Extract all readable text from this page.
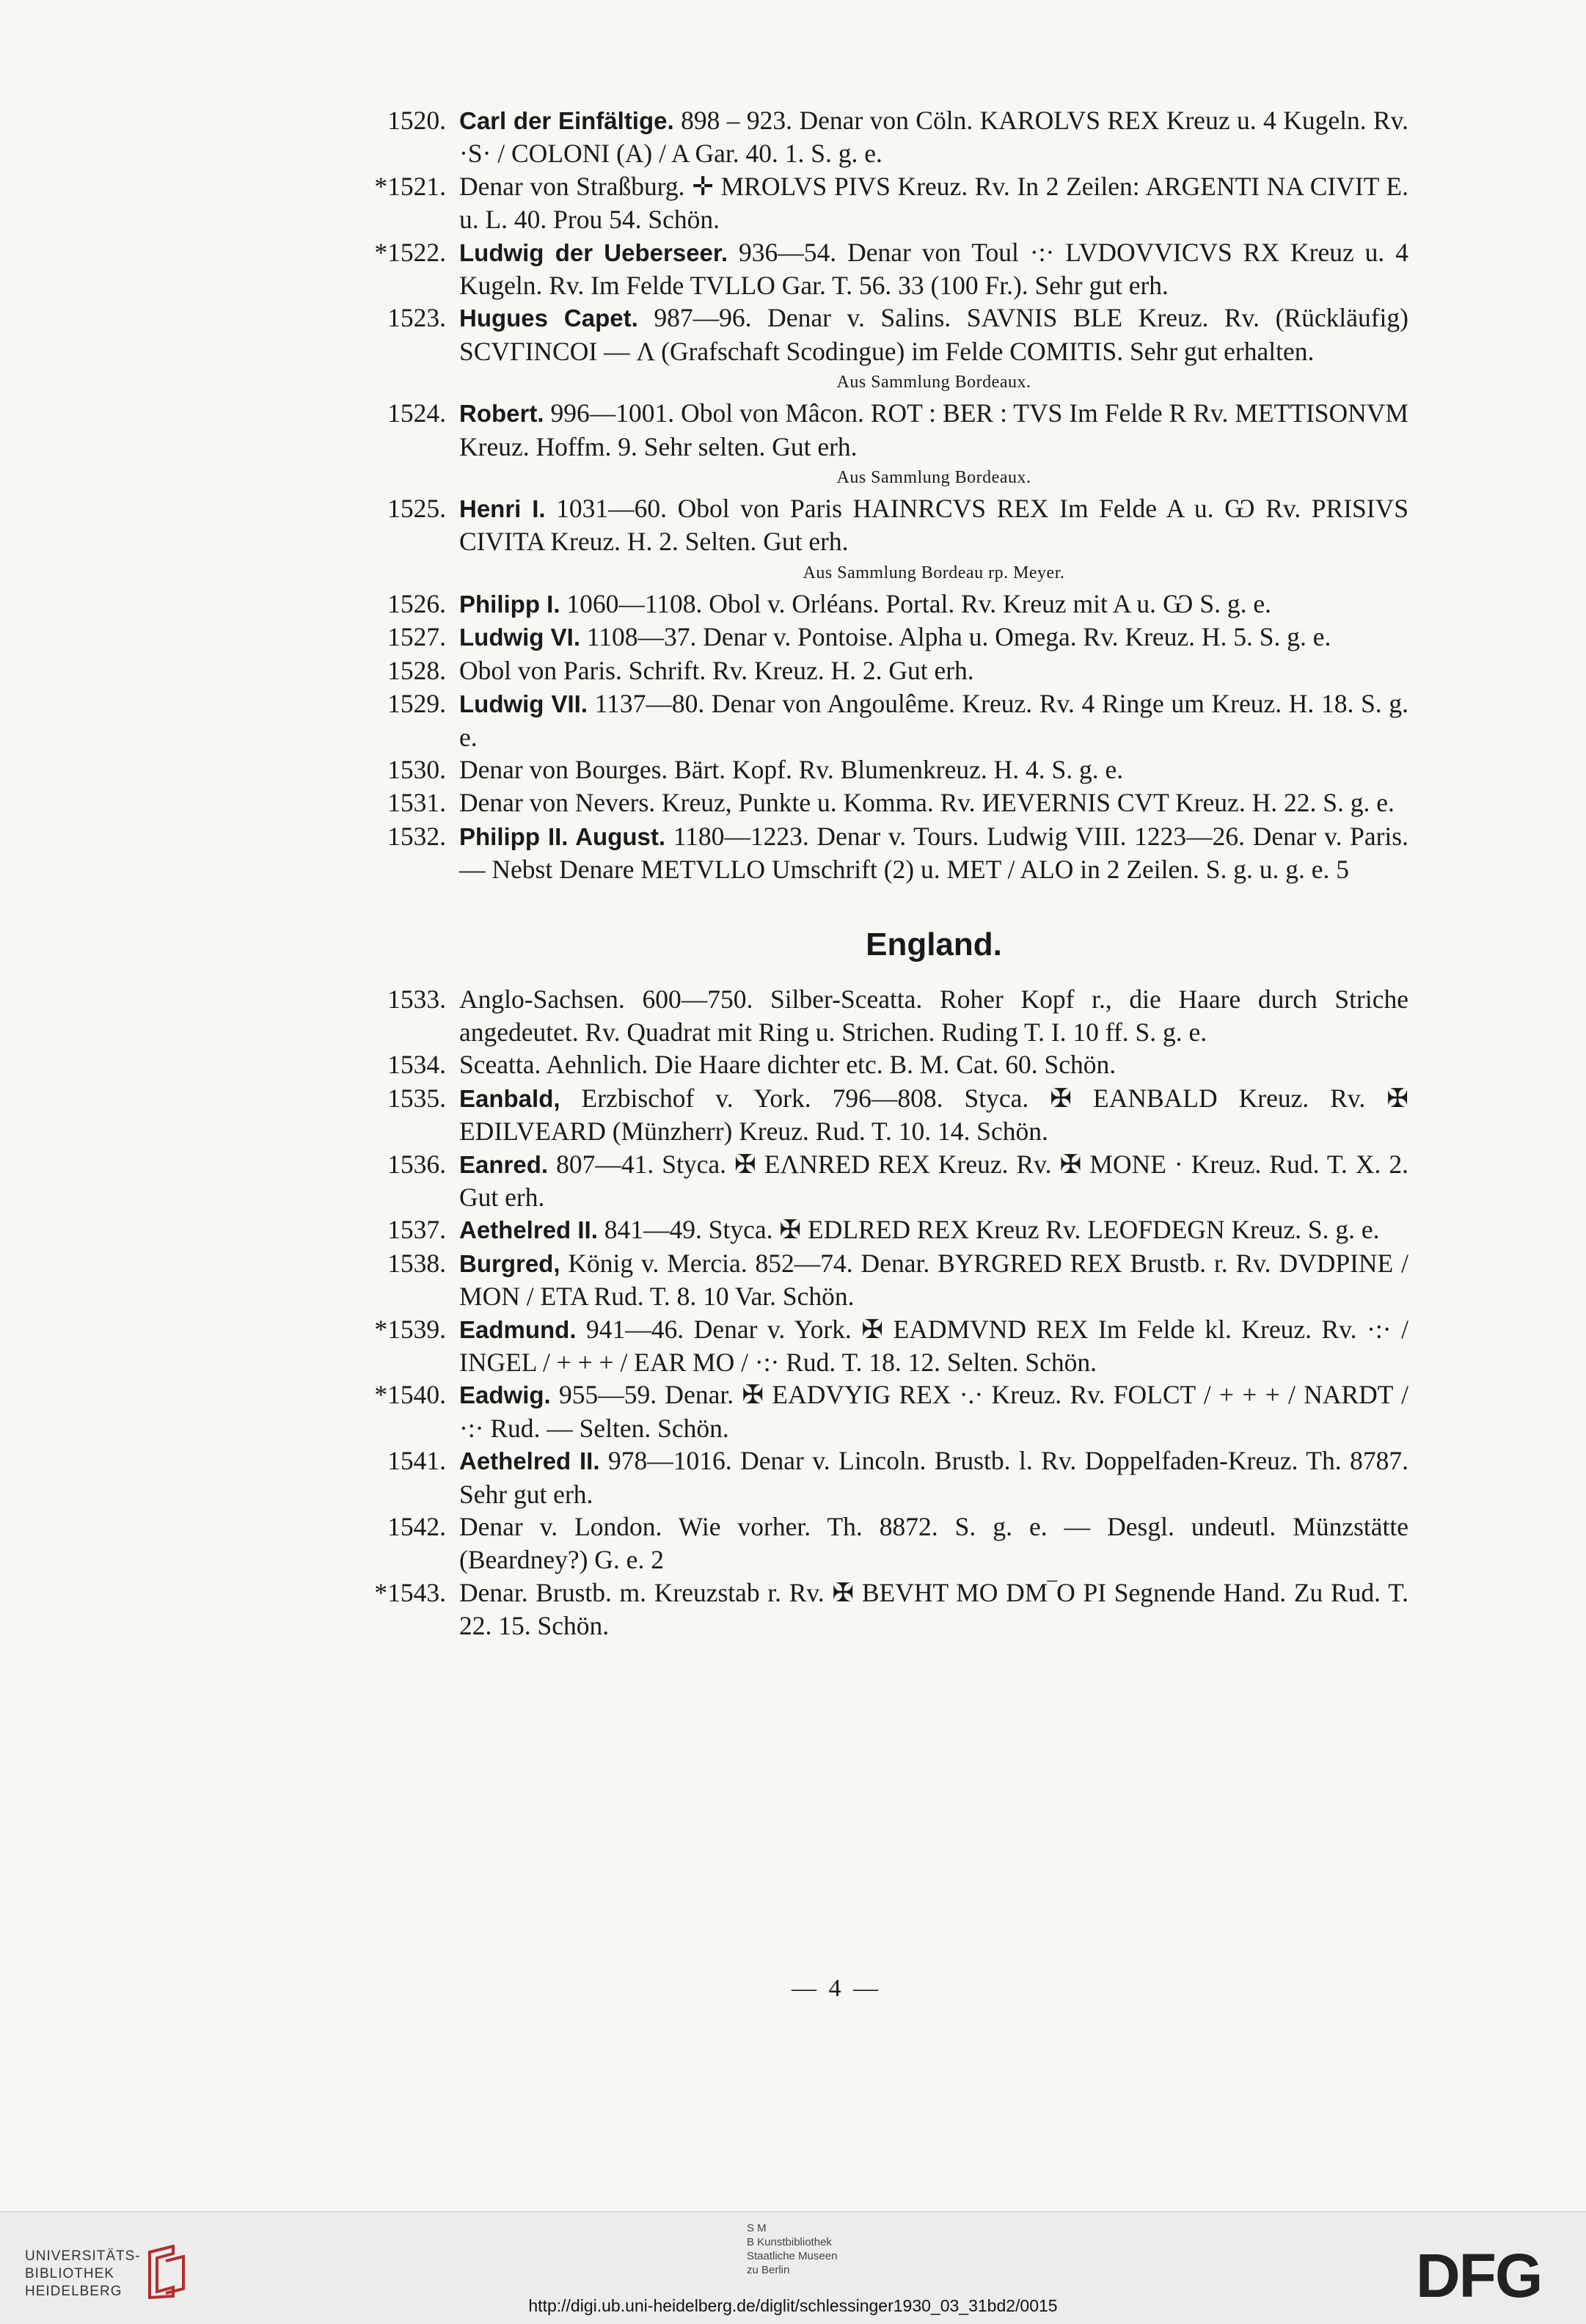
1520. Carl der Einfältige. 898 – 923. Denar von Cöln. KAROLVS REX Kreuz u. 4 Kugeln. Rv. ·S· / COLONI (A) / A Gar. 40. 1. S. g. e.
*1521. Denar von Straßburg. ✛ MROLVS PIVS Kreuz. Rv. In 2 Zeilen: ARGENTI NA CIVIT E. u. L. 40. Prou 54. Schön.
*1522. Ludwig der Ueberseer. 936—54. Denar von Toul ·:· LVDOVVICVS RX Kreuz u. 4 Kugeln. Rv. Im Felde TVLLO Gar. T. 56. 33 (100 Fr.). Sehr gut erh.
1523. Hugues Capet. 987—96. Denar v. Salins. SAVNIS BLE Kreuz. Rv. (Rückläufig) SCVΓINCOI — Λ (Grafschaft Scodingue) im Felde COMITIS. Sehr gut erhalten.
Aus Sammlung Bordeaux.
1524. Robert. 996—1001. Obol von Mâcon. ROT : BER : TVS Im Felde R Rv. METTISONVM Kreuz. Hoffm. 9. Sehr selten. Gut erh.
Aus Sammlung Bordeaux.
1525. Henri I. 1031—60. Obol von Paris HAINRCVS REX Im Felde A u. Ѡ Rv. PRISIVS CIVITA Kreuz. H. 2. Selten. Gut erh.
Aus Sammlung Bordeau rp. Meyer.
1526. Philipp I. 1060—1108. Obol v. Orléans. Portal. Rv. Kreuz mit A u. Ѡ S. g. e.
1527. Ludwig VI. 1108—37. Denar v. Pontoise. Alpha u. Omega. Rv. Kreuz. H. 5. S. g. e.
1528. Obol von Paris. Schrift. Rv. Kreuz. H. 2. Gut erh.
1529. Ludwig VII. 1137—80. Denar von Angoulême. Kreuz. Rv. 4 Ringe um Kreuz. H. 18. S. g. e.
1530. Denar von Bourges. Bärt. Kopf. Rv. Blumenkreuz. H. 4. S. g. e.
1531. Denar von Nevers. Kreuz, Punkte u. Komma. Rv. ИEVERNIS CVT Kreuz. H. 22. S. g. e.
1532. Philipp II. August. 1180—1223. Denar v. Tours. Ludwig VIII. 1223—26. Denar v. Paris. — Nebst Denare METVLLO Umschrift (2) u. MET / ALO in 2 Zeilen. S. g. u. g. e. 5
England.
1533. Anglo-Sachsen. 600—750. Silber-Sceatta. Roher Kopf r., die Haare durch Striche angedeutet. Rv. Quadrat mit Ring u. Strichen. Ruding T. I. 10 ff. S. g. e.
1534. Sceatta. Aehnlich. Die Haare dichter etc. B. M. Cat. 60. Schön.
1535. Eanbald, Erzbischof v. York. 796—808. Styca. ✠ EANBALD Kreuz. Rv. ✠ EDILVEARD (Münzherr) Kreuz. Rud. T. 10. 14. Schön.
1536. Eanred. 807—41. Styca. ✠ EΛNRED REX Kreuz. Rv. ✠ MONE · Kreuz. Rud. T. X. 2. Gut erh.
1537. Aethelred II. 841—49. Styca. ✠ EDLRED REX Kreuz Rv. LEOFDEGN Kreuz. S. g. e.
1538. Burgred, König v. Mercia. 852—74. Denar. BYRGRED REX Brustb. r. Rv. DVDPINE / MON / ETA Rud. T. 8. 10 Var. Schön.
*1539. Eadmund. 941—46. Denar v. York. ✠ EADMVND REX Im Felde kl. Kreuz. Rv. ·:· / INGEL / + + + / EAR MO / ·:· Rud. T. 18. 12. Selten. Schön.
*1540. Eadwig. 955—59. Denar. ✠ EADVYIG REX ·.· Kreuz. Rv. FOLCT / + + + / NARDT / ·:· Rud. — Selten. Schön.
1541. Aethelred II. 978—1016. Denar v. Lincoln. Brustb. l. Rv. Doppelfaden-Kreuz. Th. 8787. Sehr gut erh.
1542. Denar v. London. Wie vorher. Th. 8872. S. g. e. — Desgl. undeutl. Münzstätte (Beardney?) G. e. 2
*1543. Denar. Brustb. m. Kreuzstab r. Rv. ✠ BEVHT MO DM‾O PI Segnende Hand. Zu Rud. T. 22. 15. Schön.
— 4 —
UNIVERSITÄTS-
BIBLIOTHEK
HEIDELBERG
S M
B Kunstbibliothek
Staatliche Museen
zu Berlin	DFG
http://digi.ub.uni-heidelberg.de/diglit/schlessinger1930_03_31bd2/0015
